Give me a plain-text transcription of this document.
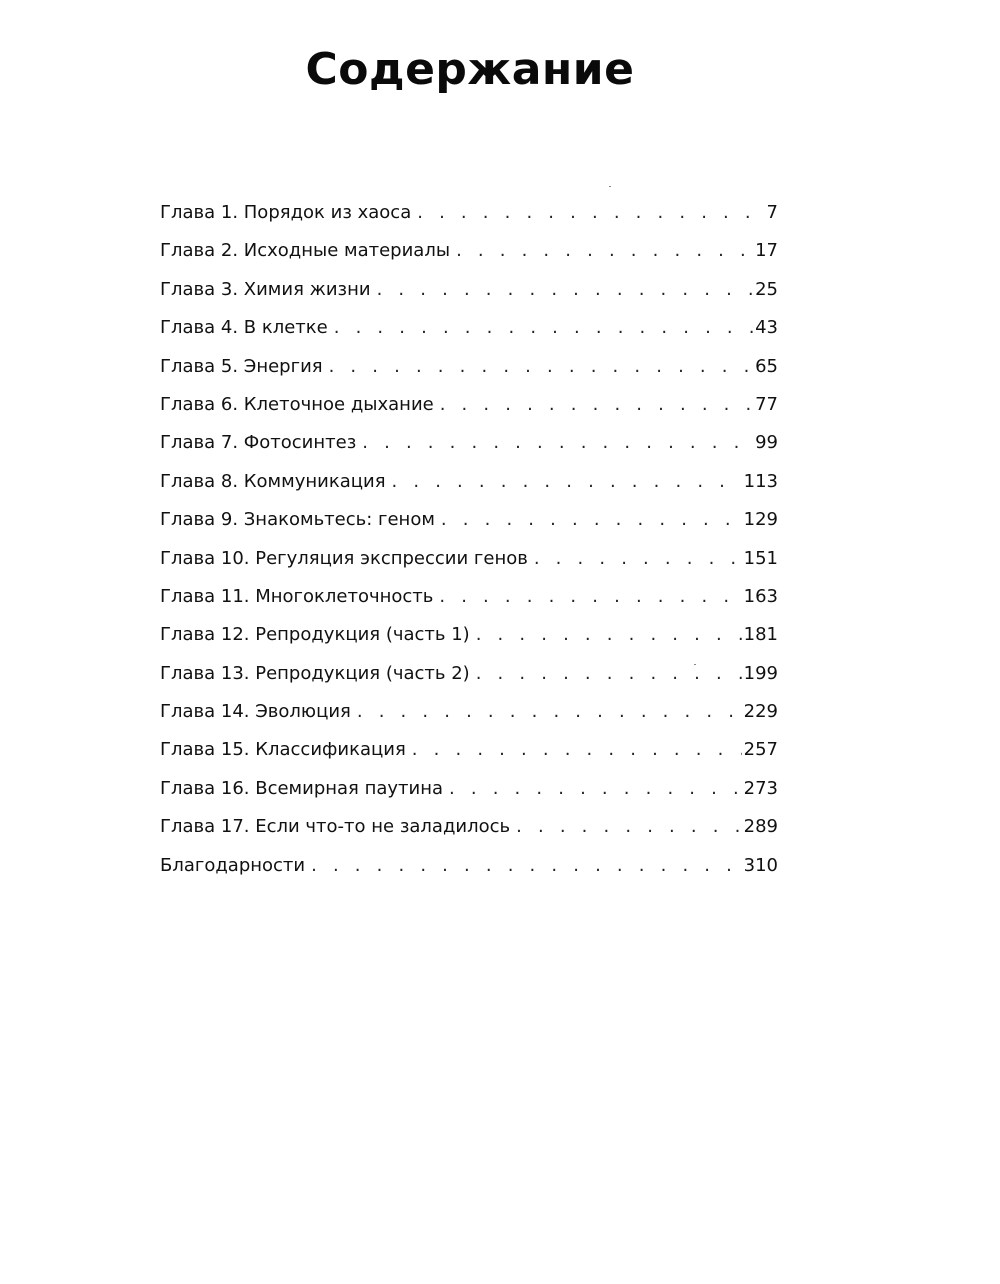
Содержание
Глава 1. Порядок из хаоса . . .	7
Глава 2. Исходные материалы . . .	17
Глава 3. Химия жизни . . .	25
Глава 4. В клетке . . .	43
Глава 5. Энергия . . .	65
Глава 6. Клеточное дыхание . . .	77
Глава 7. Фотосинтез . . .	99
Глава 8. Коммуникация . . .	113
Глава 9. Знакомьтесь: геном . . .	129
Глава 10. Регуляция экспрессии генов . . .	151
Глава 11. Многоклеточность . . .	163
Глава 12. Репродукция (часть 1) . . .	181
Глава 13. Репродукция (часть 2) . . .	199
Глава 14. Эволюция . . .	229
Глава 15. Классификация . . .	257
Глава 16. Всемирная паутина . . .	273
Глава 17. Если что-то не заладилось . . .	289
Благодарности . . .	310
